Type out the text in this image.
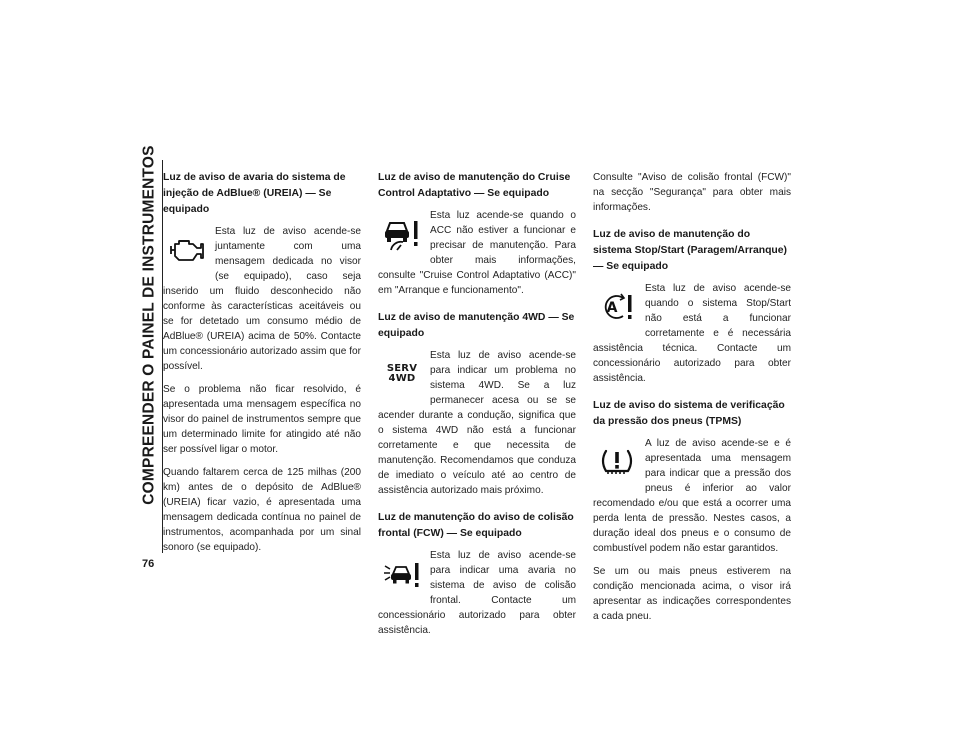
COMPREENDER O PAINEL DE INSTRUMENTOS
76
Luz de aviso de avaria do sistema de injeção de AdBlue® (UREIA) — Se equipado

Esta luz de aviso acende-se juntamente com uma mensagem dedicada no visor (se equipado), caso seja inserido um fluido desconhecido não conforme às características aceitáveis ou se for detetado um consumo médio de AdBlue® (UREIA) acima de 50%. Contacte um concessionário autorizado assim que for possível.

Se o problema não ficar resolvido, é apresentada uma mensagem específica no visor do painel de instrumentos sempre que um determinado limite for atingido até não ser possível ligar o motor.

Quando faltarem cerca de 125 milhas (200 km) antes de o depósito de AdBlue® (UREIA) ficar vazio, é apresentada uma mensagem dedicada contínua no painel de instrumentos, acompanhada por um sinal sonoro (se equipado).

Luz de aviso de manutenção do Cruise Control Adaptativo — Se equipado

Esta luz acende-se quando o ACC não estiver a funcionar e precisar de manutenção. Para obter mais informações, consulte "Cruise Control Adaptativo (ACC)" em "Arranque e funcionamento".

Luz de aviso de manutenção 4WD — Se equipado
SERV
4WD

Esta luz de aviso acende-se para indicar um problema no sistema 4WD. Se a luz permanecer acesa ou se se acender durante a condução, significa que o sistema 4WD não está a funcionar corretamente e que necessita de manutenção. Recomendamos que conduza de imediato o veículo até ao centro de assistência autorizado mais próximo.

Luz de manutenção do aviso de colisão frontal (FCW) — Se equipado

Esta luz de aviso acende-se para indicar uma avaria no sistema de aviso de colisão frontal. Contacte um concessionário autorizado para obter assistência.

Consulte "Aviso de colisão frontal (FCW)" na secção "Segurança" para obter mais informações.

Luz de aviso de manutenção do sistema Stop/Start (Paragem/Arranque) — Se equipado
A

Esta luz de aviso acende-se quando o sistema Stop/Start não está a funcionar corretamente e é necessária assistência técnica. Contacte um concessionário autorizado para obter assistência.

Luz de aviso do sistema de verificação da pressão dos pneus (TPMS)

A luz de aviso acende-se e é apresentada uma mensagem para indicar que a pressão dos pneus é inferior ao valor recomendado e/ou que está a ocorrer uma perda lenta de pressão. Nestes casos, a duração ideal dos pneus e o consumo de combustível podem não estar garantidos.

Se um ou mais pneus estiverem na condição mencionada acima, o visor irá apresentar as indicações correspondentes a cada pneu.
